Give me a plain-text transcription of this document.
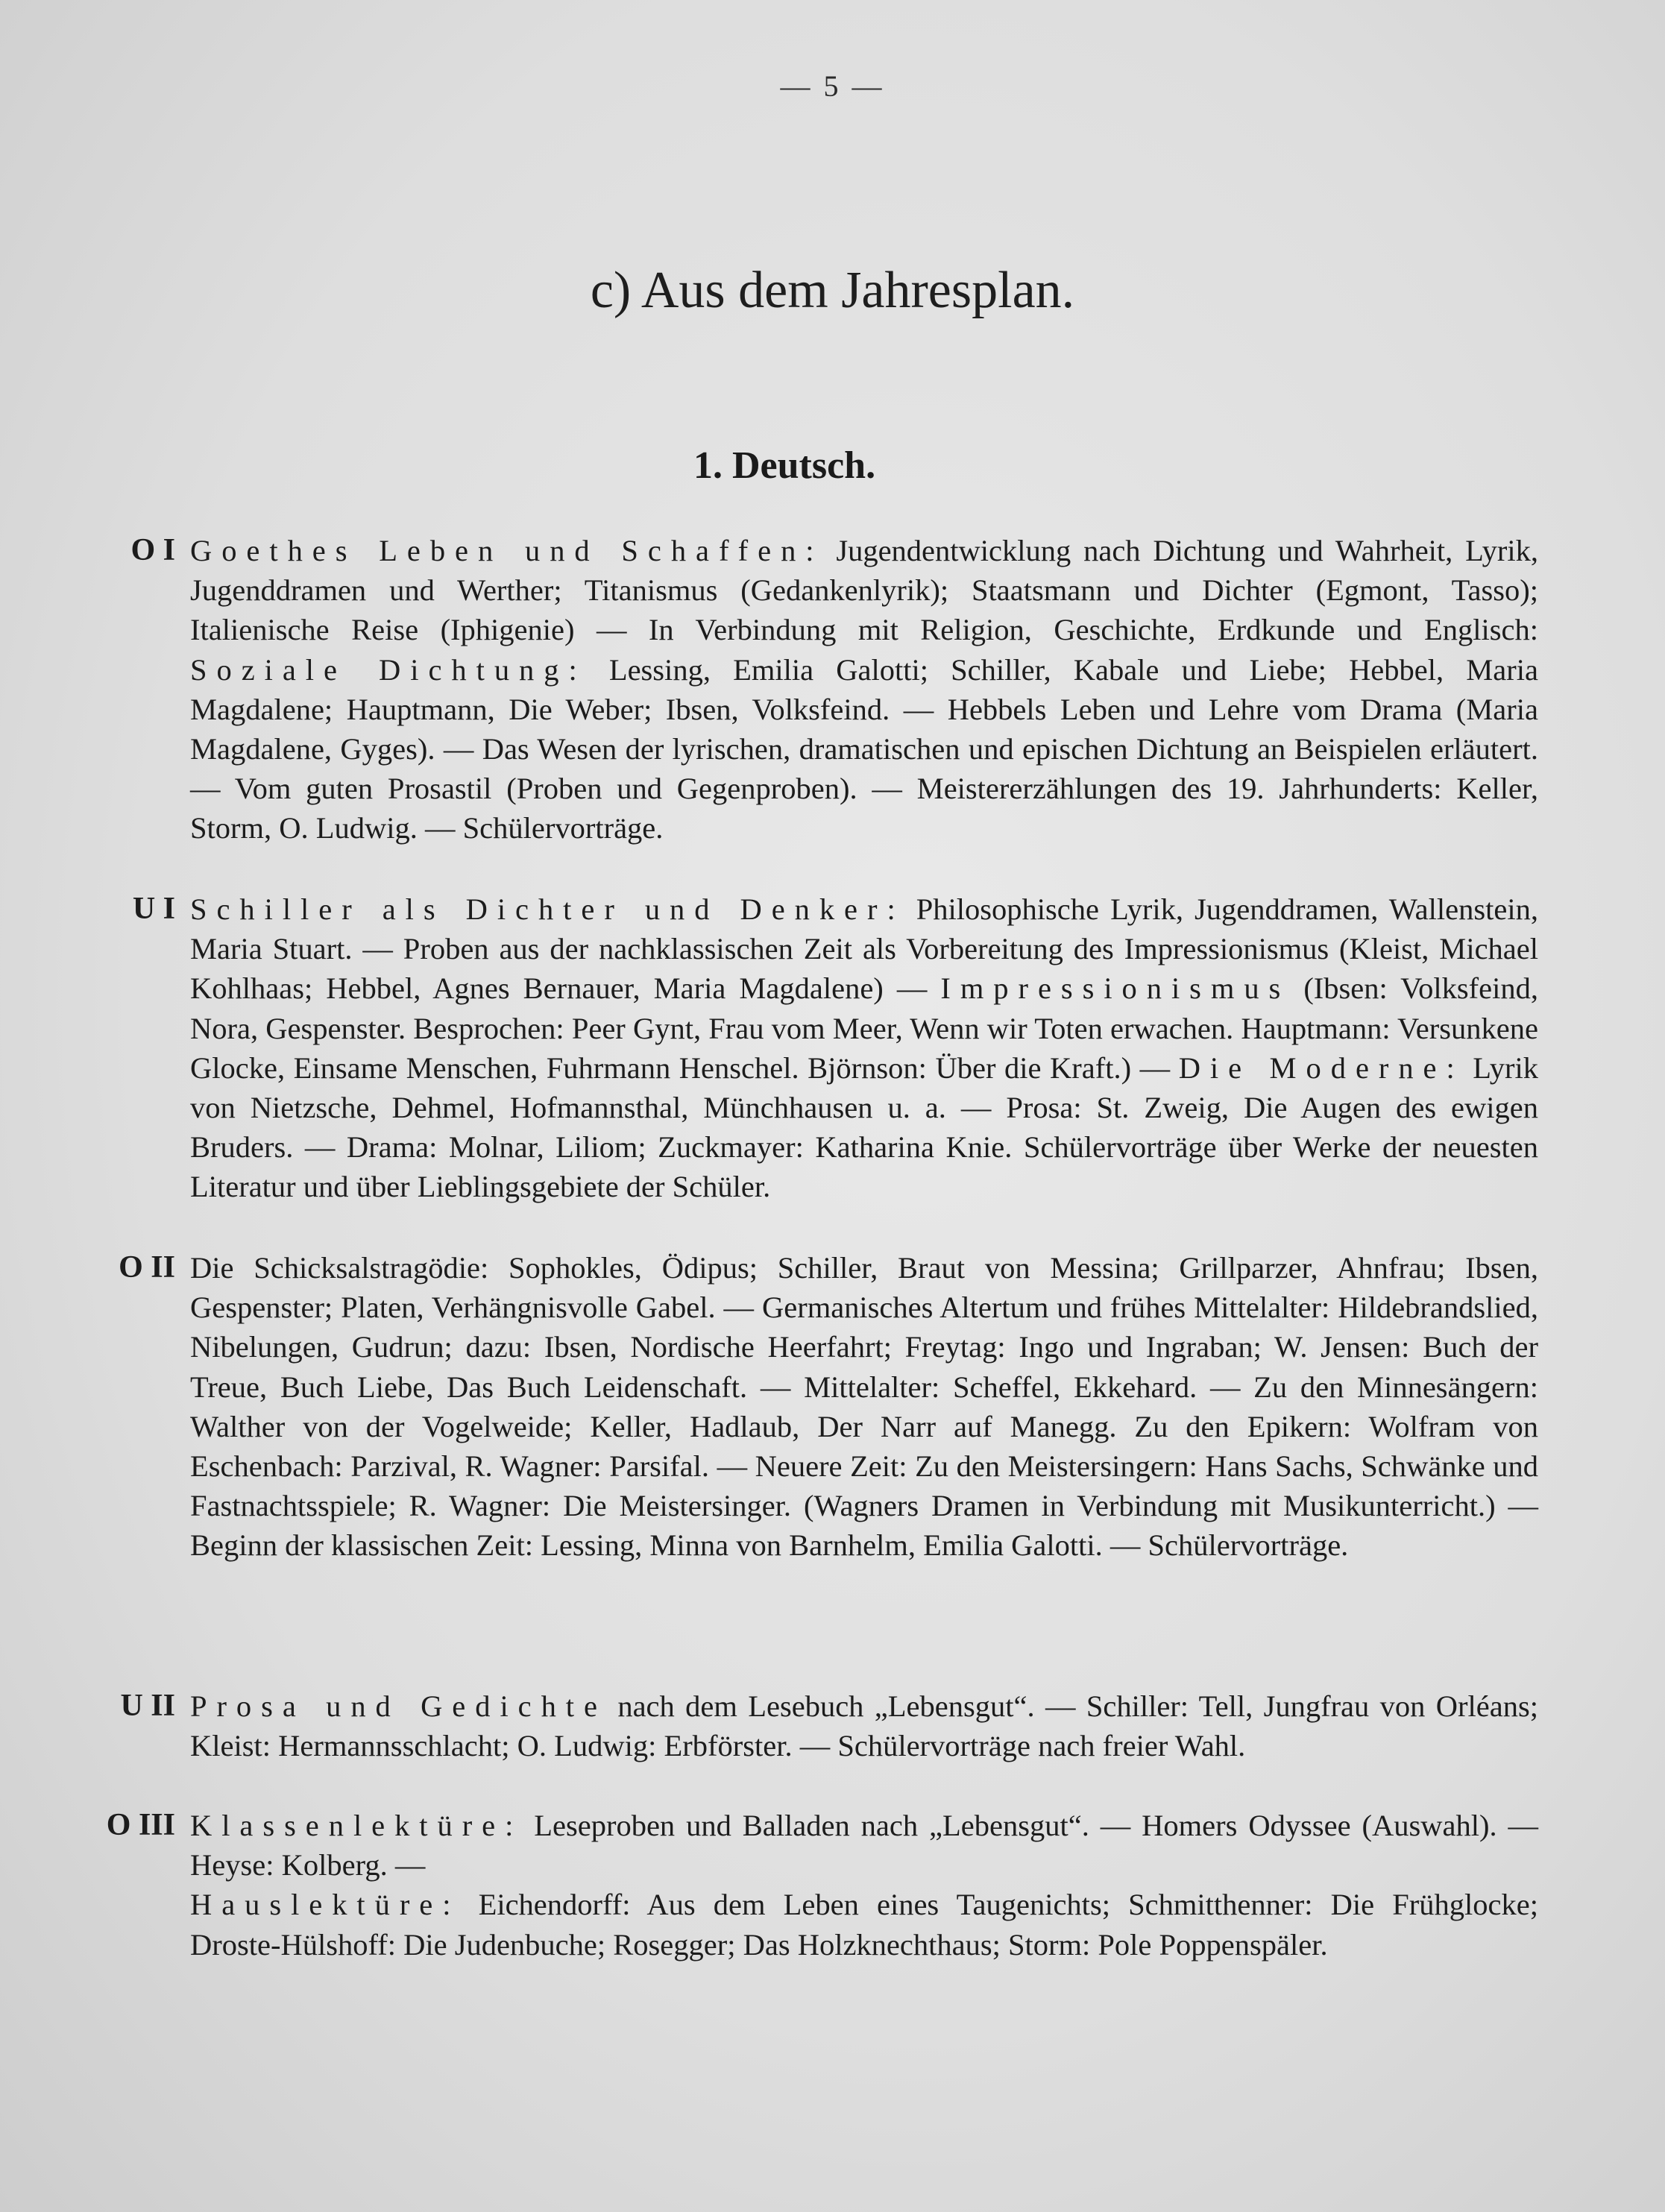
— 5 —
c) Aus dem Jahresplan.
1. Deutsch.
O I Goethes Leben und Schaffen: Jugendentwicklung nach Dichtung und Wahrheit, Lyrik, Jugenddramen und Werther; Titanismus (Gedankenlyrik); Staatsmann und Dichter (Egmont, Tasso); Italienische Reise (Iphigenie) — In Verbindung mit Religion, Geschichte, Erdkunde und Englisch: Soziale Dichtung: Lessing, Emilia Galotti; Schiller, Kabale und Liebe; Hebbel, Maria Magdalene; Hauptmann, Die Weber; Ibsen, Volksfeind. — Hebbels Leben und Lehre vom Drama (Maria Magdalene, Gyges). — Das Wesen der lyrischen, dramatischen und epischen Dichtung an Beispielen erläutert. — Vom guten Prosastil (Proben und Gegenproben). — Meistererzählungen des 19. Jahrhunderts: Keller, Storm, O. Ludwig. — Schülervorträge.
U I Schiller als Dichter und Denker: Philosophische Lyrik, Jugenddramen, Wallenstein, Maria Stuart. — Proben aus der nachklassischen Zeit als Vorbereitung des Impressionismus (Kleist, Michael Kohlhaas; Hebbel, Agnes Bernauer, Maria Magdalene) — Impressionismus (Ibsen: Volksfeind, Nora, Gespenster. Besprochen: Peer Gynt, Frau vom Meer, Wenn wir Toten erwachen. Hauptmann: Versunkene Glocke, Einsame Menschen, Fuhrmann Henschel. Björnson: Über die Kraft.) — Die Moderne: Lyrik von Nietzsche, Dehmel, Hofmannsthal, Münchhausen u. a. — Prosa: St. Zweig, Die Augen des ewigen Bruders. — Drama: Molnar, Liliom; Zuckmayer: Katharina Knie. Schülervorträge über Werke der neuesten Literatur und über Lieblingsgebiete der Schüler.
O II Die Schicksalstragödie: Sophokles, Ödipus; Schiller, Braut von Messina; Grillparzer, Ahnfrau; Ibsen, Gespenster; Platen, Verhängnisvolle Gabel. — Germanisches Altertum und frühes Mittelalter: Hildebrandslied, Nibelungen, Gudrun; dazu: Ibsen, Nordische Heerfahrt; Freytag: Ingo und Ingraban; W. Jensen: Buch der Treue, Buch Liebe, Das Buch Leidenschaft. — Mittelalter: Scheffel, Ekkehard. — Zu den Minnesängern: Walther von der Vogelweide; Keller, Hadlaub, Der Narr auf Manegg. Zu den Epikern: Wolfram von Eschenbach: Parzival, R. Wagner: Parsifal. — Neuere Zeit: Zu den Meistersingern: Hans Sachs, Schwänke und Fastnachtsspiele; R. Wagner: Die Meistersinger. (Wagners Dramen in Verbindung mit Musikunterricht.) — Beginn der klassischen Zeit: Lessing, Minna von Barnhelm, Emilia Galotti. — Schülervorträge.
U II Prosa und Gedichte nach dem Lesebuch „Lebensgut“. — Schiller: Tell, Jungfrau von Orléans; Kleist: Hermannsschlacht; O. Ludwig: Erbförster. — Schülervorträge nach freier Wahl.
O III Klassenlektüre: Leseproben und Balladen nach „Lebensgut“. — Homers Odyssee (Auswahl). — Heyse: Kolberg. —
Hauslektüre: Eichendorff: Aus dem Leben eines Taugenichts; Schmitthenner: Die Frühglocke; Droste-Hülshoff: Die Judenbuche; Rosegger; Das Holzknechthaus; Storm: Pole Poppenspäler.
